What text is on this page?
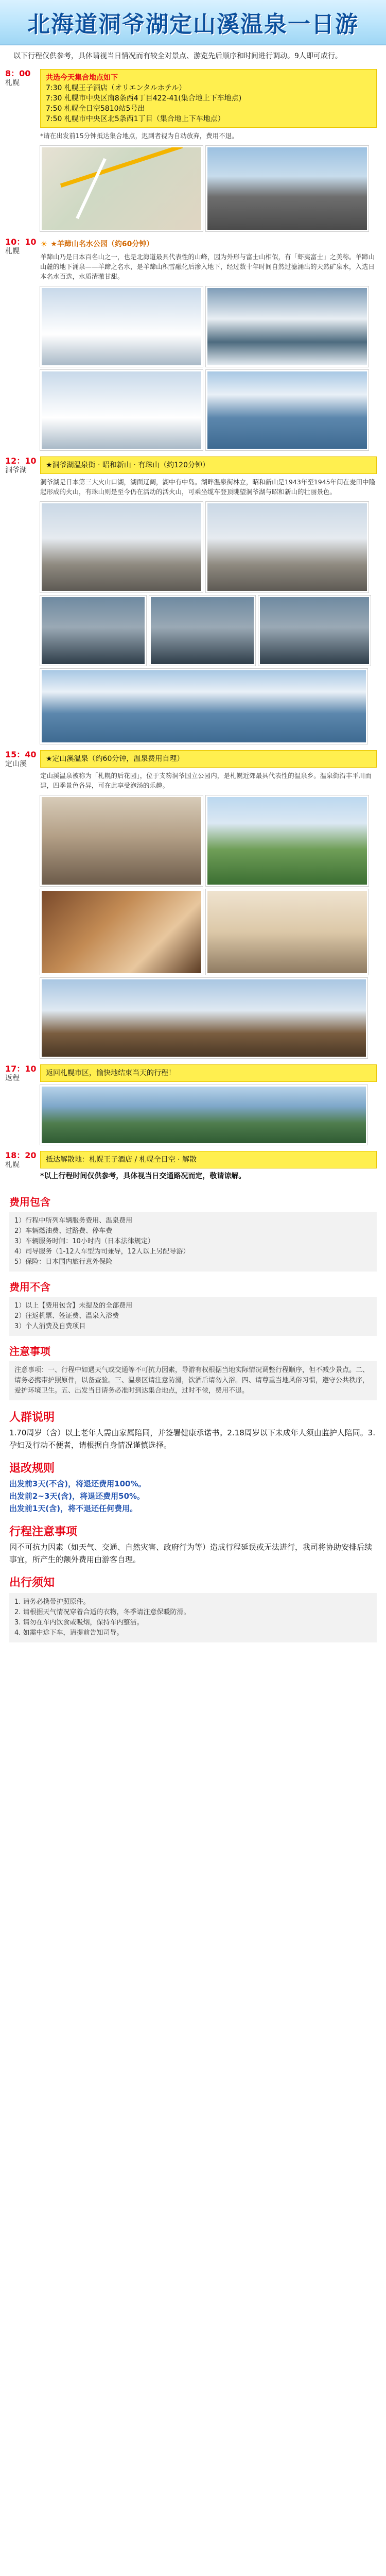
北海道洞爷湖定山溪温泉一日游

以下行程仅供参考，具体请视当日情况而有较全对景点、游览先后顺序和时间进行调动。9人即可成行。

8：00
札幌
共选今天集合地点如下
7:30 札幌王子酒店（オリエンタルホテル）
7:30 札幌市中央区南8条西4丁目422-41(集合地上下车地点)
7:50 札幌全日空5810站5号出
7:50 札幌市中央区北5条西1丁目（集合地上下车地点）
*请在出发前15分钟抵达集合地点，迟到者视为自动放弃，费用不退。
10：10
札幌
☀ ★羊蹄山名水公园（约60分钟）
羊蹄山乃是日本百名山之一，也是北海道最具代表性的山峰，因为外形与富士山相似，有「虾夷富士」之美称。羊蹄山山麓的地下涌泉——羊蹄之名水，是羊蹄山积雪融化后渗入地下，经过数十年时间自然过滤涌出的天然矿泉水，入选日本名水百选，水质清澈甘甜。
12：10
洞爷湖
★洞爷湖温泉街 · 昭和新山 · 有珠山（约120分钟）
洞爷湖是日本第三大火山口湖，湖面辽阔，湖中有中岛。湖畔温泉街林立，昭和新山是1943年至1945年间在麦田中隆起形成的火山，有珠山则是至今仍在活动的活火山，可乘坐缆车登顶眺望洞爷湖与昭和新山的壮丽景色。
15：40
定山溪
★定山溪温泉（约60分钟，温泉费用自理）
定山溪温泉被称为「札幌的后花园」，位于支笏洞爷国立公园内，是札幌近郊最具代表性的温泉乡。温泉街沿丰平川而建，四季景色各异，可在此享受泡汤的乐趣。
17：10
返程
返回札幌市区，愉快地结束当天的行程！
18：20
札幌
抵达解散地：札幌王子酒店 / 札幌全日空 · 解散
*以上行程时间仅供参考，具体视当日交通路况而定，敬请谅解。
费用包含

1）行程中所列车辆服务费用、温泉费用

2）车辆燃油费、过路费、停车费

3）车辆服务时间：10小时内（日本法律规定）

4）司导服务（1-12人车型为司兼导，12人以上另配导游）

5）保险：日本国内旅行意外保险

费用不含

1）以上【费用包含】未提及的全部费用

2）往返机票、签证费、温泉入浴费

3）个人消费及自费项目

注意事项

注意事项：一、行程中如遇天气或交通等不可抗力因素，导游有权根据当地实际情况调整行程顺序，但不减少景点。二、请务必携带护照原件，以备查验。三、温泉区请注意防滑，饮酒后请勿入浴。四、请尊重当地风俗习惯，遵守公共秩序，爱护环境卫生。五、出发当日请务必准时到达集合地点，过时不候，费用不退。

人群说明

1.70周岁（含）以上老年人需由家属陪同，并签署健康承诺书。2.18周岁以下未成年人须由监护人陪同。3.孕妇及行动不便者，请根据自身情况谨慎选择。

退改规则

出发前3天(不含)，将退还费用100%。

出发前2~3天(含)，将退还费用50%。

出发前1天(含)，将不退还任何费用。

行程注意事项

因不可抗力因素（如天气、交通、自然灾害、政府行为等）造成行程延误或无法进行，我司将协助安排后续事宜，所产生的额外费用由游客自理。

出行须知

1. 请务必携带护照原件。

2. 请根据天气情况穿着合适的衣物，冬季请注意保暖防滑。

3. 请勿在车内饮食或吸烟，保持车内整洁。

4. 如需中途下车，请提前告知司导。
